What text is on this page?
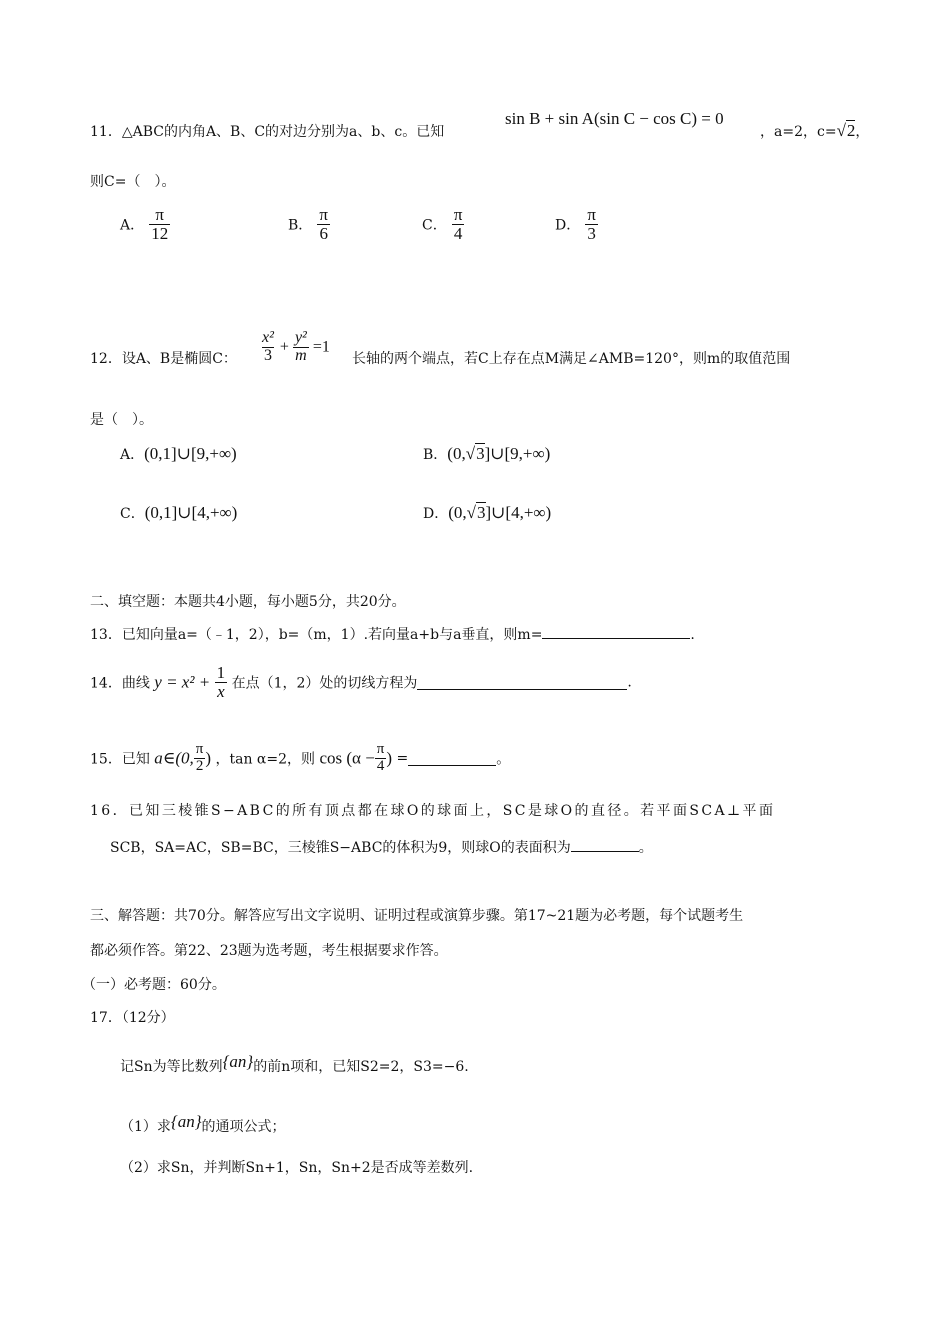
11．△ABC的内角A、B、C的对边分别为a、b、c。已知
sin B + sin A(sin C − cos C) = 0
，a=2，c=√2，
则C=（　）。
A． $\frac{\pi}{12}$	B． $\frac{\pi}{6}$	C． $\frac{\pi}{4}$	D． $\frac{\pi}{3}$
12．设A、B是椭圆C： $\frac{\text{x²}}{3} + \frac{\text{y²}}{m} =1$
长轴的两个端点，若C上存在点M满足∠AMB=120°，则m的取值范围
是（　）。
A．(0,1]∪[9,+∞)	B．(0,√3]∪[9,+∞)
C．(0,1]∪[4,+∞)	D．(0,√3]∪[4,+∞)
二、填空题：本题共4小题，每小题5分，共20分。
13．已知向量a=（﹣1，2），b=（m，1）.若向量a+b与a垂直，则m=	.
14．曲线 $y = x^2 + \frac{1}{x}$ 在点（1，2）处的切线方程为	.
15．已知 a∈(0, $\frac{\pi}{2}$ ) ，tan α=2，则 $\cos (\alpha - \frac{\pi}{4}$ ) =	。
16．已知三棱锥S−ABC的所有顶点都在球O的球面上，SC是球O的直径。若平面SCA⊥平面
SCB，SA=AC，SB=BC，三棱锥S−ABC的体积为9，则球O的表面积为	。
三、解答题：共70分。解答应写出文字说明、证明过程或演算步骤。第17~21题为必考题，每个试题考生
都必须作答。第22、23题为选考题，考生根据要求作答。
（一）必考题：60分。
17．（12分）
记Sn为等比数列{an}的前n项和，已知S2=2，S3=−6.
（1）求{an}的通项公式；
（2）求Sn，并判断Sn+1，Sn，Sn+2是否成等差数列.
